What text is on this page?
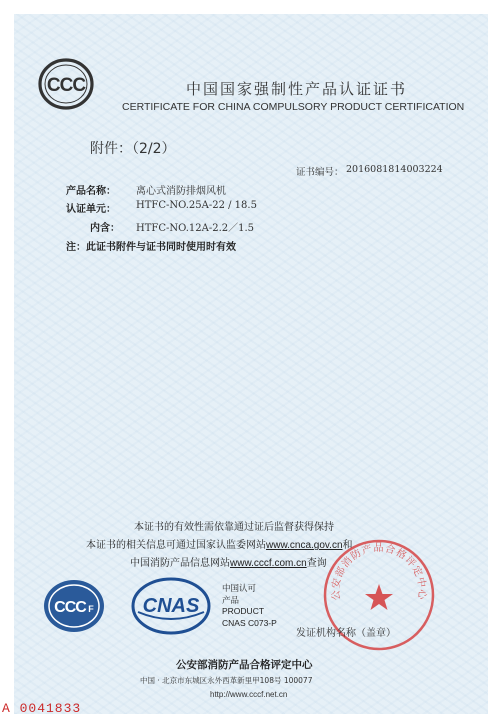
CCC	中国国家强制性产品认证证书
CERTIFICATE FOR CHINA COMPULSORY PRODUCT CERTIFICATION
附件：（2/2）
证书编号： 2016081814003224
产品名称： 离心式消防排烟风机
认证单元： HTFC-NO.25A-22 / 18.5
内含： HTFC-NO.12A-2.2／1.5
注：此证书附件与证书同时使用时有效
本证书的有效性需依靠通过证后监督获得保持
本证书的相关信息可通过国家认监委网站www.cnca.gov.cn和
中国消防产品信息网站www.cccf.com.cn查询
公安部消防产品合格评定中心
CCC F CNAS
中国认可
产品
PRODUCT
CNAS C073-P
发证机构名称（盖章）
公安部消防产品合格评定中心
中国 · 北京市东城区永外西革新里甲108号 100077
http://www.cccf.net.cn
A 0041833
